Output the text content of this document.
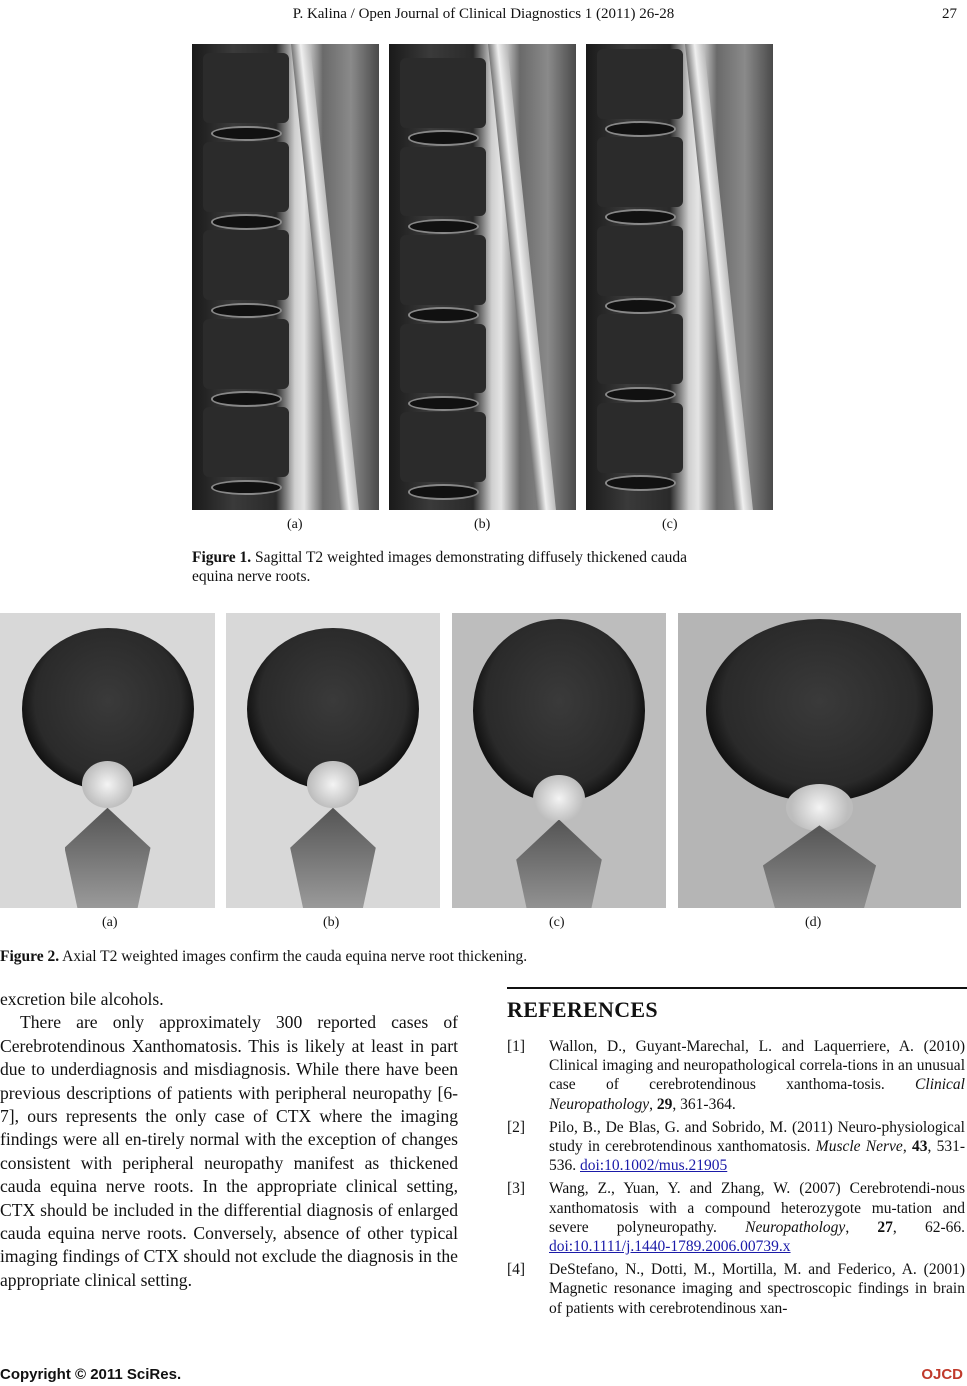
P. Kalina / Open Journal of Clinical Diagnostics 1 (2011) 26-28	27
(a)	(b)	(c)
Figure 1. Sagittal T2 weighted images demonstrating diffusely thickened cauda
equina nerve roots.
(a)	(b)	(c)	(d)
Figure 2. Axial T2 weighted images confirm the cauda equina nerve root thickening.

excretion bile alcohols.

There are only approximately 300 reported cases of Cerebrotendinous Xanthomatosis. This is likely at least in part due to underdiagnosis and misdiagnosis. While there have been previous descriptions of patients with peripheral neuropathy [6-7], ours represents the only case of CTX where the imaging findings were all en-tirely normal with the exception of changes consistent with peripheral neuropathy manifest as thickened cauda equina nerve roots. In the appropriate clinical setting, CTX should be included in the differential diagnosis of enlarged cauda equina nerve roots. Conversely, absence of other typical imaging findings of CTX should not exclude the diagnosis in the appropriate clinical setting.

REFERENCES
[1] Wallon, D., Guyant-Marechal, L. and Laquerriere, A. (2010) Clinical imaging and neuropathological correla-tions in an unusual case of cerebrotendinous xanthoma-tosis. Clinical Neuropathology, 29, 361-364.
[2] Pilo, B., De Blas, G. and Sobrido, M. (2011) Neuro-physiological study in cerebrotendinous xanthomatosis. Muscle Nerve, 43, 531-536. doi:10.1002/mus.21905
[3] Wang, Z., Yuan, Y. and Zhang, W. (2007) Cerebrotendi-nous xanthomatosis with a compound heterozygote mu-tation and severe polyneuropathy. Neuropathology, 27, 62-66. doi:10.1111/j.1440-1789.2006.00739.x
[4] DeStefano, N., Dotti, M., Mortilla, M. and Federico, A. (2001) Magnetic resonance imaging and spectroscopic findings in brain of patients with cerebrotendinous xan-
Copyright © 2011 SciRes.	OJCD
